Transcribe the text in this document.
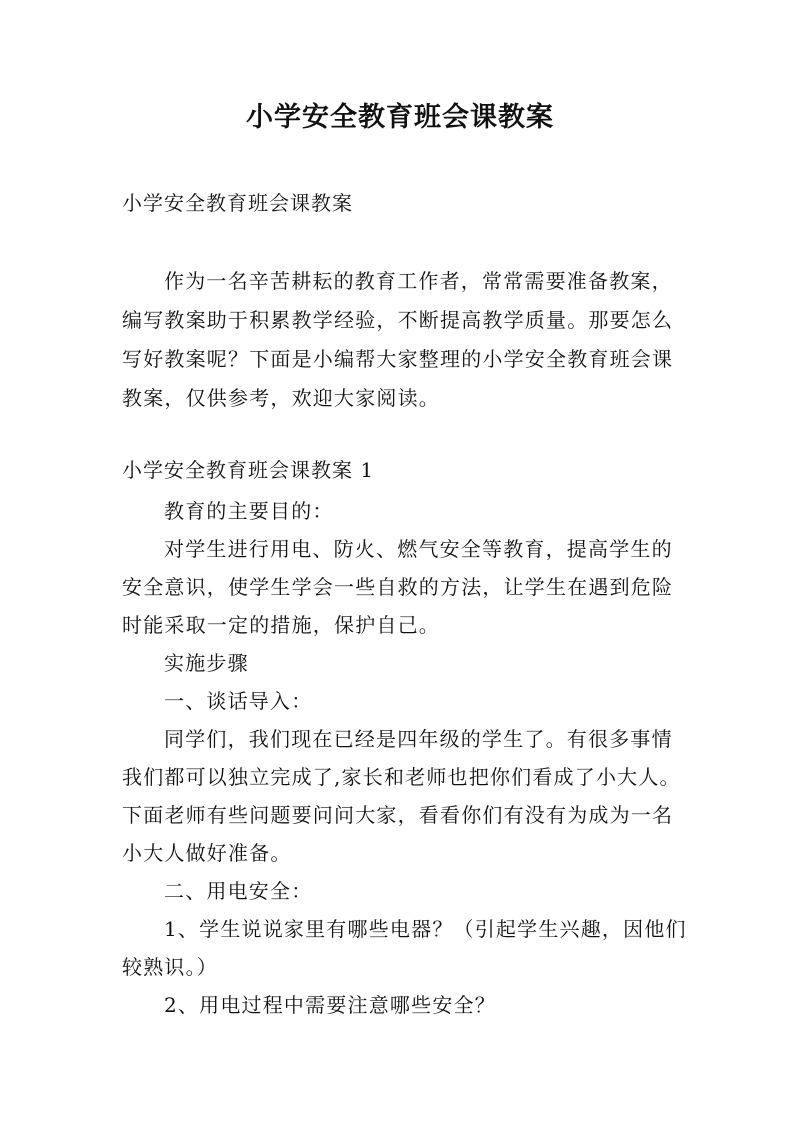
小学安全教育班会课教案

小学安全教育班会课教案

作为一名辛苦耕耘的教育工作者，常常需要准备教案，编写教案助于积累教学经验，不断提高教学质量。那要怎么写好教案呢？下面是小编帮大家整理的小学安全教育班会课教案，仅供参考，欢迎大家阅读。

小学安全教育班会课教案 1

教育的主要目的：

对学生进行用电、防火、燃气安全等教育，提高学生的安全意识，使学生学会一些自救的方法，让学生在遇到危险时能采取一定的措施，保护自己。

实施步骤

一、谈话导入：

同学们，我们现在已经是四年级的学生了。有很多事情我们都可以独立完成了,家长和老师也把你们看成了小大人。下面老师有些问题要问问大家，看看你们有没有为成为一名小大人做好准备。

二、用电安全：

1、学生说说家里有哪些电器？（引起学生兴趣，因他们较熟识。）

2、用电过程中需要注意哪些安全？
